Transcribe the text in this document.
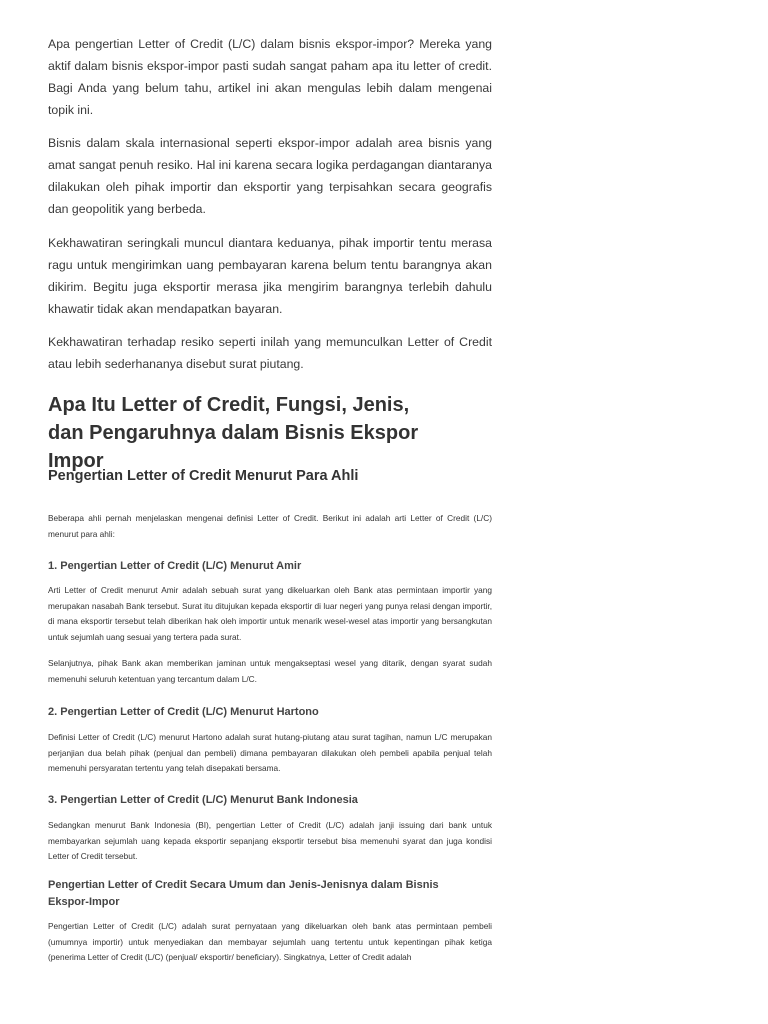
Apa pengertian Letter of Credit (L/C) dalam bisnis ekspor-impor? Mereka yang aktif dalam bisnis ekspor-impor pasti sudah sangat paham apa itu letter of credit. Bagi Anda yang belum tahu, artikel ini akan mengulas lebih dalam mengenai topik ini.

Bisnis dalam skala internasional seperti ekspor-impor adalah area bisnis yang amat sangat penuh resiko. Hal ini karena secara logika perdagangan diantaranya dilakukan oleh pihak importir dan eksportir yang terpisahkan secara geografis dan geopolitik yang berbeda.

Kekhawatiran seringkali muncul diantara keduanya, pihak importir tentu merasa ragu untuk mengirimkan uang pembayaran karena belum tentu barangnya akan dikirim. Begitu juga eksportir merasa jika mengirim barangnya terlebih dahulu khawatir tidak akan mendapatkan bayaran.

Kekhawatiran terhadap resiko seperti inilah yang memunculkan Letter of Credit atau lebih sederhananya disebut surat piutang.

Apa Itu Letter of Credit, Fungsi, Jenis, dan Pengaruhnya dalam Bisnis Ekspor Impor
Pengertian Letter of Credit Menurut Para Ahli

Beberapa ahli pernah menjelaskan mengenai definisi Letter of Credit. Berikut ini adalah arti Letter of Credit (L/C) menurut para ahli:

1. Pengertian Letter of Credit (L/C) Menurut Amir

Arti Letter of Credit menurut Amir adalah sebuah surat yang dikeluarkan oleh Bank atas permintaan importir yang merupakan nasabah Bank tersebut. Surat itu ditujukan kepada eksportir di luar negeri yang punya relasi dengan importir, di mana eksportir tersebut telah diberikan hak oleh importir untuk menarik wesel-wesel atas importir yang bersangkutan untuk sejumlah uang sesuai yang tertera pada surat.

Selanjutnya, pihak Bank akan memberikan jaminan untuk mengakseptasi wesel yang ditarik, dengan syarat sudah memenuhi seluruh ketentuan yang tercantum dalam L/C.

2. Pengertian Letter of Credit (L/C) Menurut Hartono

Definisi Letter of Credit (L/C) menurut Hartono adalah surat hutang-piutang atau surat tagihan, namun L/C merupakan perjanjian dua belah pihak (penjual dan pembeli) dimana pembayaran dilakukan oleh pembeli apabila penjual telah memenuhi persyaratan tertentu yang telah disepakati bersama.

3. Pengertian Letter of Credit (L/C) Menurut Bank Indonesia

Sedangkan menurut Bank Indonesia (BI), pengertian Letter of Credit (L/C) adalah janji issuing dari bank untuk membayarkan sejumlah uang kepada eksportir sepanjang eksportir tersebut bisa memenuhi syarat dan juga kondisi Letter of Credit tersebut.

Pengertian Letter of Credit Secara Umum dan Jenis-Jenisnya dalam Bisnis Ekspor-Impor

Pengertian Letter of Credit (L/C) adalah surat pernyataan yang dikeluarkan oleh bank atas permintaan pembeli (umumnya importir) untuk menyediakan dan membayar sejumlah uang tertentu untuk kepentingan pihak ketiga (penerima Letter of Credit (L/C) (penjual/ eksportir/ beneficiary). Singkatnya, Letter of Credit adalah
